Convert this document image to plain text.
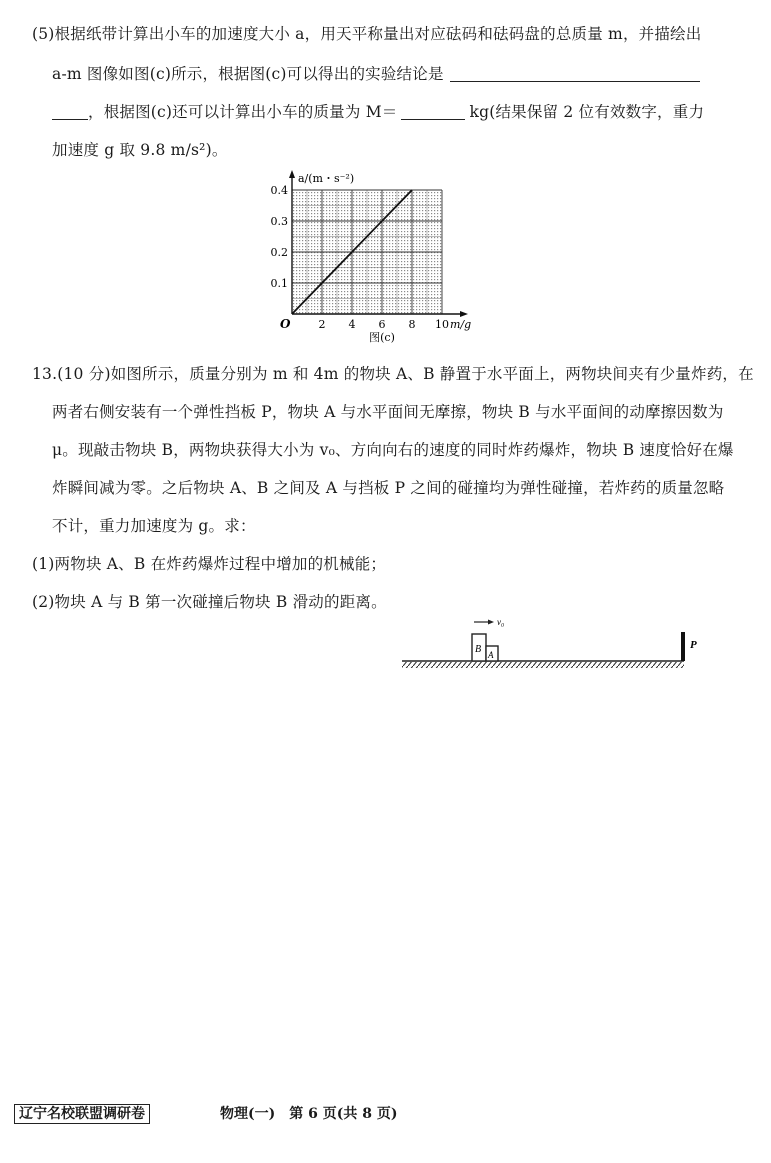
(5)根据纸带计算出小车的加速度大小 a，用天平称量出对应砝码和砝码盘的总质量 m，并描绘出
a-m 图像如图(c)所示，根据图(c)可以得出的实验结论是
，根据图(c)还可以计算出小车的质量为 M＝	kg(结果保留 2 位有效数字，重力
加速度 g 取 9.8 m/s²)。
2 4 6 8 10
0.1
0.2
0.3
0.4
O
a/(m・s⁻²)
m/g
图(c)
13.(10 分)如图所示，质量分别为 m 和 4m 的物块 A、B 静置于水平面上，两物块间夹有少量炸药，在
两者右侧安装有一个弹性挡板 P，物块 A 与水平面间无摩擦，物块 B 与水平面间的动摩擦因数为
μ。现敲击物块 B，两物块获得大小为 v₀、方向向右的速度的同时炸药爆炸，物块 B 速度恰好在爆
炸瞬间减为零。之后物块 A、B 之间及 A 与挡板 P 之间的碰撞均为弹性碰撞，若炸药的质量忽略
不计，重力加速度为 g。求：
(1)两物块 A、B 在炸药爆炸过程中增加的机械能；
(2)物块 A 与 B 第一次碰撞后物块 B 滑动的距离。
B A
v₀
P
辽宁名校联盟调研卷	物理(一)　第 6 页(共 8 页)
